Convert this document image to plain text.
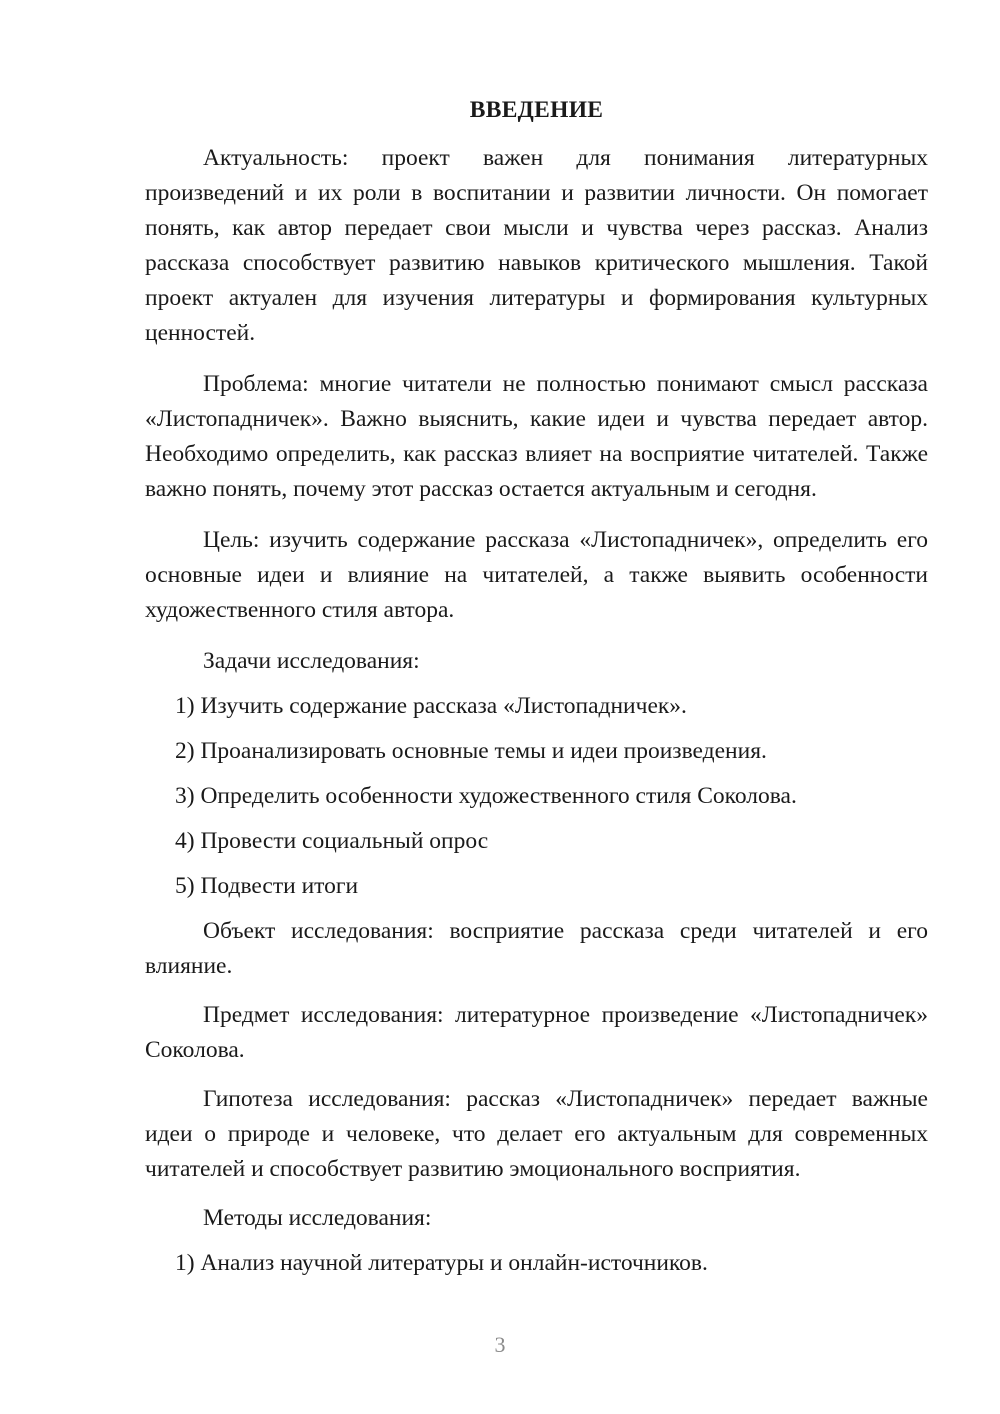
ВВЕДЕНИЕ

Актуальность: проект важен для понимания литературных произведений и их роли в воспитании и развитии личности. Он помогает понять, как автор передает свои мысли и чувства через рассказ. Анализ рассказа способствует развитию навыков критического мышления. Такой проект актуален для изучения литературы и формирования культурных ценностей.

Проблема: многие читатели не полностью понимают смысл рассказа «Листопадничек». Важно выяснить, какие идеи и чувства передает автор. Необходимо определить, как рассказ влияет на восприятие читателей. Также важно понять, почему этот рассказ остается актуальным и сегодня.

Цель: изучить содержание рассказа «Листопадничек», определить его основные идеи и влияние на читателей, а также выявить особенности художественного стиля автора.

Задачи исследования:

1) Изучить содержание рассказа «Листопадничек».

2) Проанализировать основные темы и идеи произведения.

3) Определить особенности художественного стиля Соколова.

4) Провести социальный опрос

5) Подвести итоги

Объект исследования: восприятие рассказа среди читателей и его влияние.

Предмет исследования: литературное произведение «Листопадничек» Соколова.

Гипотеза исследования: рассказ «Листопадничек» передает важные идеи о природе и человеке, что делает его актуальным для современных читателей и способствует развитию эмоционального восприятия.

Методы исследования:

1) Анализ научной литературы и онлайн-источников.

3
